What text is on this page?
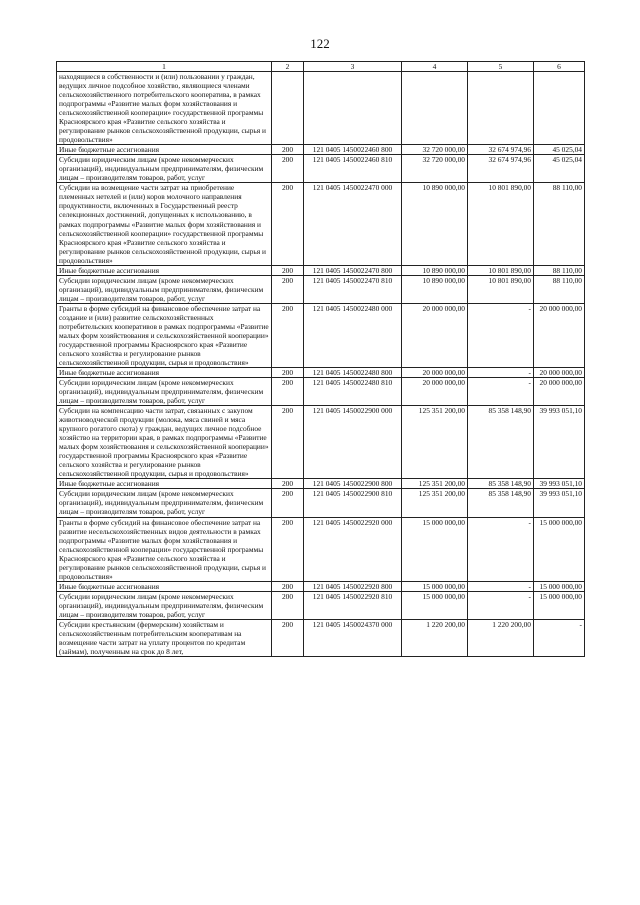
122
1	2	3	4	5	6
находящиеся в собственности и (или) пользовании у граждан, ведущих личное подсобное хозяйство, являющиеся членами сельскохозяйственного потребительского кооператива, в рамках подпрограммы «Развитие малых форм хозяйствования и сельскохозяйственной кооперации» государственной программы Красноярского края «Развитие сельского хозяйства и регулирование рынков сельскохозяйственной продукции, сырья и продовольствия»					
Иные бюджетные ассигнования	200	121 0405 1450022460 800	32 720 000,00	32 674 974,96	45 025,04
Субсидии юридическим лицам (кроме некоммерческих организаций), индивидуальным предпринимателям, физическим лицам – производителям товаров, работ, услуг	200	121 0405 1450022460 810	32 720 000,00	32 674 974,96	45 025,04
Субсидии на возмещение части затрат на приобретение племенных нетелей и (или) коров молочного направления продуктивности, включенных в Государственный реестр селекционных достижений, допущенных к использованию, в рамках подпрограммы «Развитие малых форм хозяйствования и сельскохозяйственной кооперации» государственной программы Красноярского края «Развитие сельского хозяйства и регулирование рынков сельскохозяйственной продукции, сырья и продовольствия»	200	121 0405 1450022470 000	10 890 000,00	10 801 890,00	88 110,00
Иные бюджетные ассигнования	200	121 0405 1450022470 800	10 890 000,00	10 801 890,00	88 110,00
Субсидии юридическим лицам (кроме некоммерческих организаций), индивидуальным предпринимателям, физическим лицам – производителям товаров, работ, услуг	200	121 0405 1450022470 810	10 890 000,00	10 801 890,00	88 110,00
Гранты в форме субсидий на финансовое обеспечение затрат на создание и (или) развитие сельскохозяйственных потребительских кооперативов в рамках подпрограммы «Развитие малых форм хозяйствования и сельскохозяйственной кооперации» государственной программы Красноярского края «Развитие сельского хозяйства и регулирование рынков сельскохозяйственной продукции, сырья и продовольствия»	200	121 0405 1450022480 000	20 000 000,00	-	20 000 000,00
Иные бюджетные ассигнования	200	121 0405 1450022480 800	20 000 000,00	-	20 000 000,00
Субсидии юридическим лицам (кроме некоммерческих организаций), индивидуальным предпринимателям, физическим лицам – производителям товаров, работ, услуг	200	121 0405 1450022480 810	20 000 000,00	-	20 000 000,00
Субсидии на компенсацию части затрат, связанных с закупом животноводческой продукции (молока, мяса свиней и мяса крупного рогатого скота) у граждан, ведущих личное подсобное хозяйство на территории края, в рамках подпрограммы «Развитие малых форм хозяйствования и сельскохозяйственной кооперации» государственной программы Красноярского края «Развитие сельского хозяйства и регулирование рынков сельскохозяйственной продукции, сырья и продовольствия»	200	121 0405 1450022900 000	125 351 200,00	85 358 148,90	39 993 051,10
Иные бюджетные ассигнования	200	121 0405 1450022900 800	125 351 200,00	85 358 148,90	39 993 051,10
Субсидии юридическим лицам (кроме некоммерческих организаций), индивидуальным предпринимателям, физическим лицам – производителям товаров, работ, услуг	200	121 0405 1450022900 810	125 351 200,00	85 358 148,90	39 993 051,10
Гранты в форме субсидий на финансовое обеспечение затрат на развитие несельскохозяйственных видов деятельности в рамках подпрограммы «Развитие малых форм хозяйствования и сельскохозяйственной кооперации» государственной программы Красноярского края «Развитие сельского хозяйства и регулирование рынков сельскохозяйственной продукции, сырья и продовольствия»	200	121 0405 1450022920 000	15 000 000,00	-	15 000 000,00
Иные бюджетные ассигнования	200	121 0405 1450022920 800	15 000 000,00	-	15 000 000,00
Субсидии юридическим лицам (кроме некоммерческих организаций), индивидуальным предпринимателям, физическим лицам – производителям товаров, работ, услуг	200	121 0405 1450022920 810	15 000 000,00	-	15 000 000,00
Субсидии крестьянским (фермерским) хозяйствам и сельскохозяйственным потребительским кооперативам на возмещение части затрат на уплату процентов по кредитам (займам), полученным на срок до 8 лет,	200	121 0405 1450024370 000	1 220 200,00	1 220 200,00	-
